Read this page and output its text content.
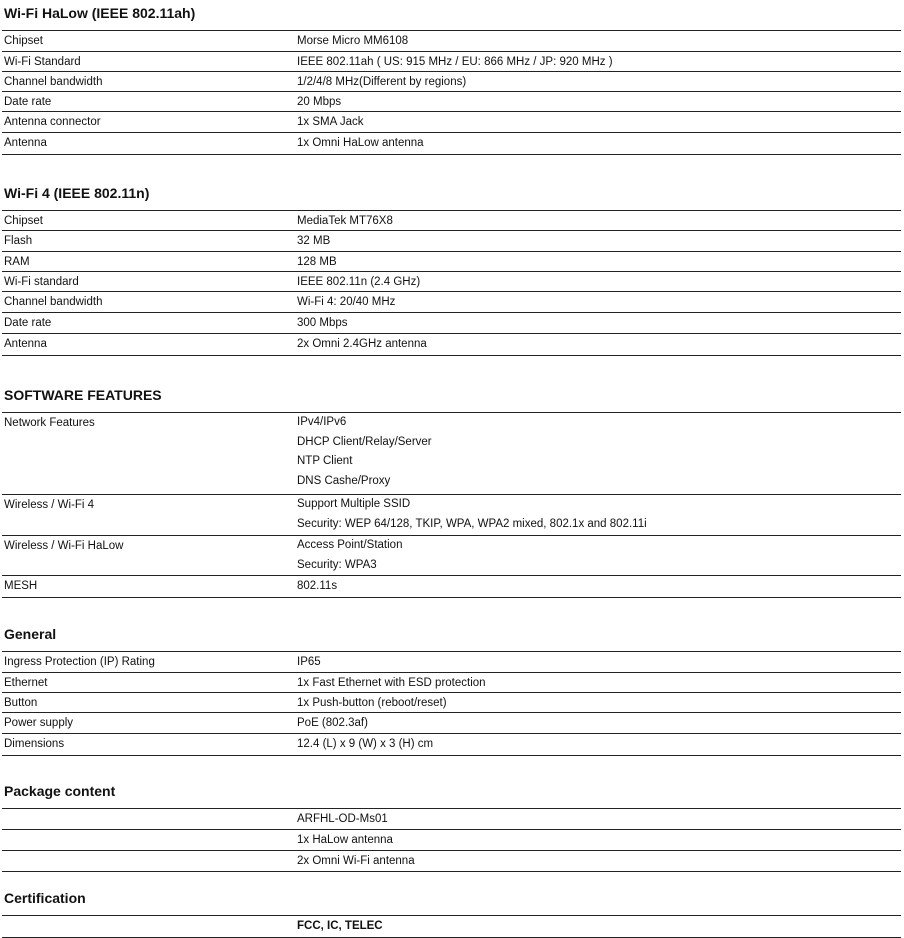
Wi-Fi HaLow (IEEE 802.11ah)
Chipset	Morse Micro MM6108
Wi-Fi Standard	IEEE 802.11ah ( US: 915 MHz / EU: 866 MHz / JP: 920 MHz )
Channel bandwidth	1/2/4/8 MHz(Different by regions)
Date rate	20 Mbps
Antenna connector	1x SMA Jack
Antenna	1x Omni HaLow antenna
Wi-Fi 4 (IEEE 802.11n)
Chipset	MediaTek MT76X8
Flash	32 MB
RAM	128 MB
Wi-Fi standard	IEEE 802.11n (2.4 GHz)
Channel bandwidth	Wi-Fi 4: 20/40 MHz
Date rate	300 Mbps
Antenna	2x Omni 2.4GHz antenna
SOFTWARE FEATURES
Network Features	IPv4/IPv6
DHCP Client/Relay/Server
NTP Client
DNS Cashe/Proxy
Wireless / Wi-Fi 4	Support Multiple SSID
Security: WEP 64/128, TKIP, WPA, WPA2 mixed, 802.1x and 802.11i
Wireless / Wi-Fi HaLow	Access Point/Station
Security: WPA3
MESH	802.11s
General
Ingress Protection (IP) Rating	IP65
Ethernet	1x Fast Ethernet with ESD protection
Button	1x Push-button (reboot/reset)
Power supply	PoE (802.3af)
Dimensions	12.4 (L) x 9 (W) x 3 (H) cm
Package content
ARFHL-OD-Ms01
1x HaLow antenna
2x Omni Wi-Fi antenna
Certification
FCC, IC, TELEC
